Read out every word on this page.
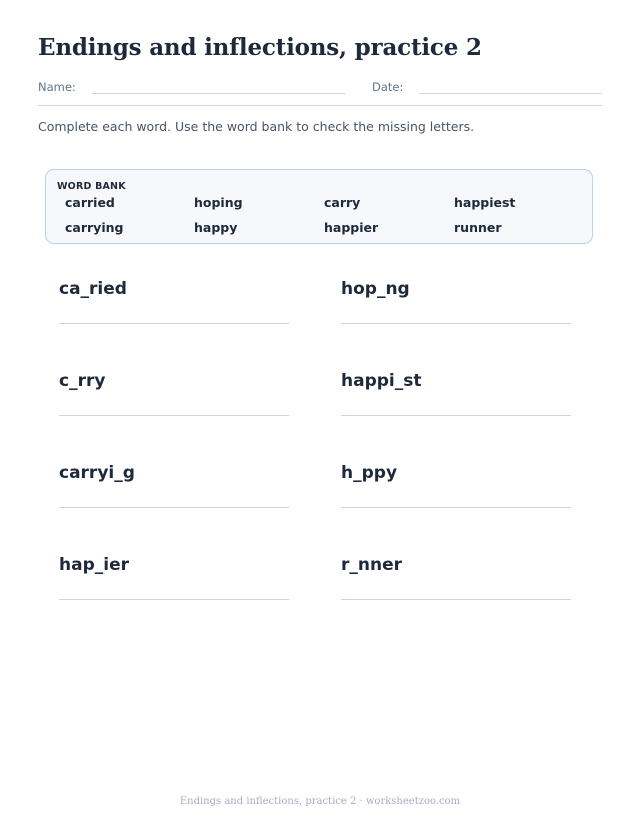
Endings and inflections, practice 2
Name:	Date:
Complete each word. Use the word bank to check the missing letters.
WORD BANK
carried	hoping	carry	happiest
carrying	happy	happier	runner
ca_ried	hop_ng
c_rry	happi_st
carryi_g	h_ppy
hap_ier	r_nner
Endings and inflections, practice 2 · worksheetzoo.com
